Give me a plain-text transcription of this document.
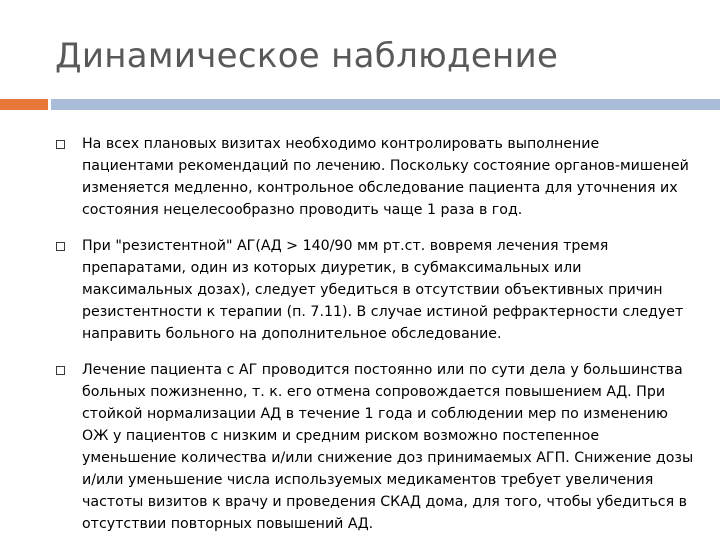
Динамическое наблюдение
На всех плановых визитах необходимо контролировать выполнение пациентами рекомендаций по лечению. Поскольку состояние органов-мишеней изменяется медленно, контрольное обследование пациента для уточнения их состояния нецелесообразно проводить чаще 1 раза в год.
При "резистентной" АГ(АД > 140/90 мм рт.ст. вовремя лечения тремя препаратами, один из которых диуретик, в субмаксимальных или максимальных дозах), следует убедиться в отсутствии объективных причин резистентности к терапии (п. 7.11). В случае истиной рефрактерности следует направить больного на дополнительное обследование.
Лечение пациента с АГ проводится постоянно или по сути дела у большинства больных пожизненно, т. к. его отмена сопровождается повышением АД. При стойкой нормализации АД в течение 1 года и соблюдении мер по изменению ОЖ у пациентов с низким и средним риском возможно постепенное уменьшение количества и/или снижение доз принимаемых АГП. Снижение дозы и/или уменьшение числа используемых медикаментов требует увеличения частоты визитов к врачу и проведения СКАД дома, для того, чтобы убедиться в отсутствии повторных повышений АД.
